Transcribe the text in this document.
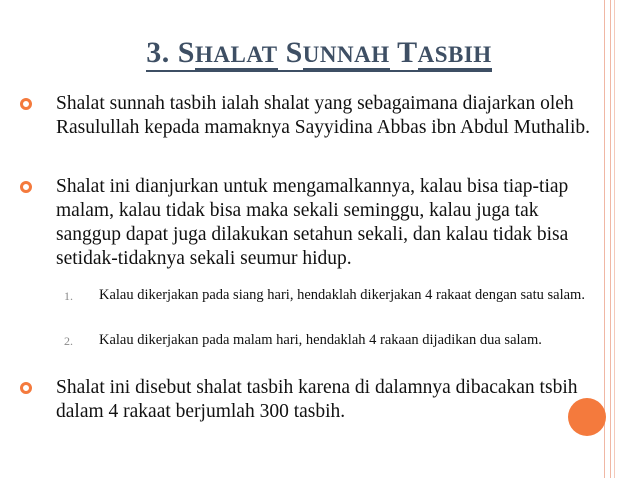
3. SHALAT SUNNAH TASBIH
Shalat sunnah tasbih ialah shalat yang sebagaimana diajarkan oleh Rasulullah kepada mamaknya Sayyidina Abbas ibn Abdul Muthalib.
Shalat ini dianjurkan untuk mengamalkannya, kalau bisa tiap-tiap malam, kalau tidak bisa maka sekali seminggu, kalau juga tak sanggup dapat juga dilakukan setahun sekali, dan kalau tidak bisa setidak-tidaknya sekali seumur hidup.
1. Kalau dikerjakan pada siang hari, hendaklah dikerjakan 4 rakaat dengan satu salam.
2. Kalau dikerjakan pada malam hari, hendaklah 4 rakaan dijadikan dua salam.
Shalat ini disebut shalat tasbih karena di dalamnya dibacakan tsbih dalam 4 rakaat berjumlah 300 tasbih.
